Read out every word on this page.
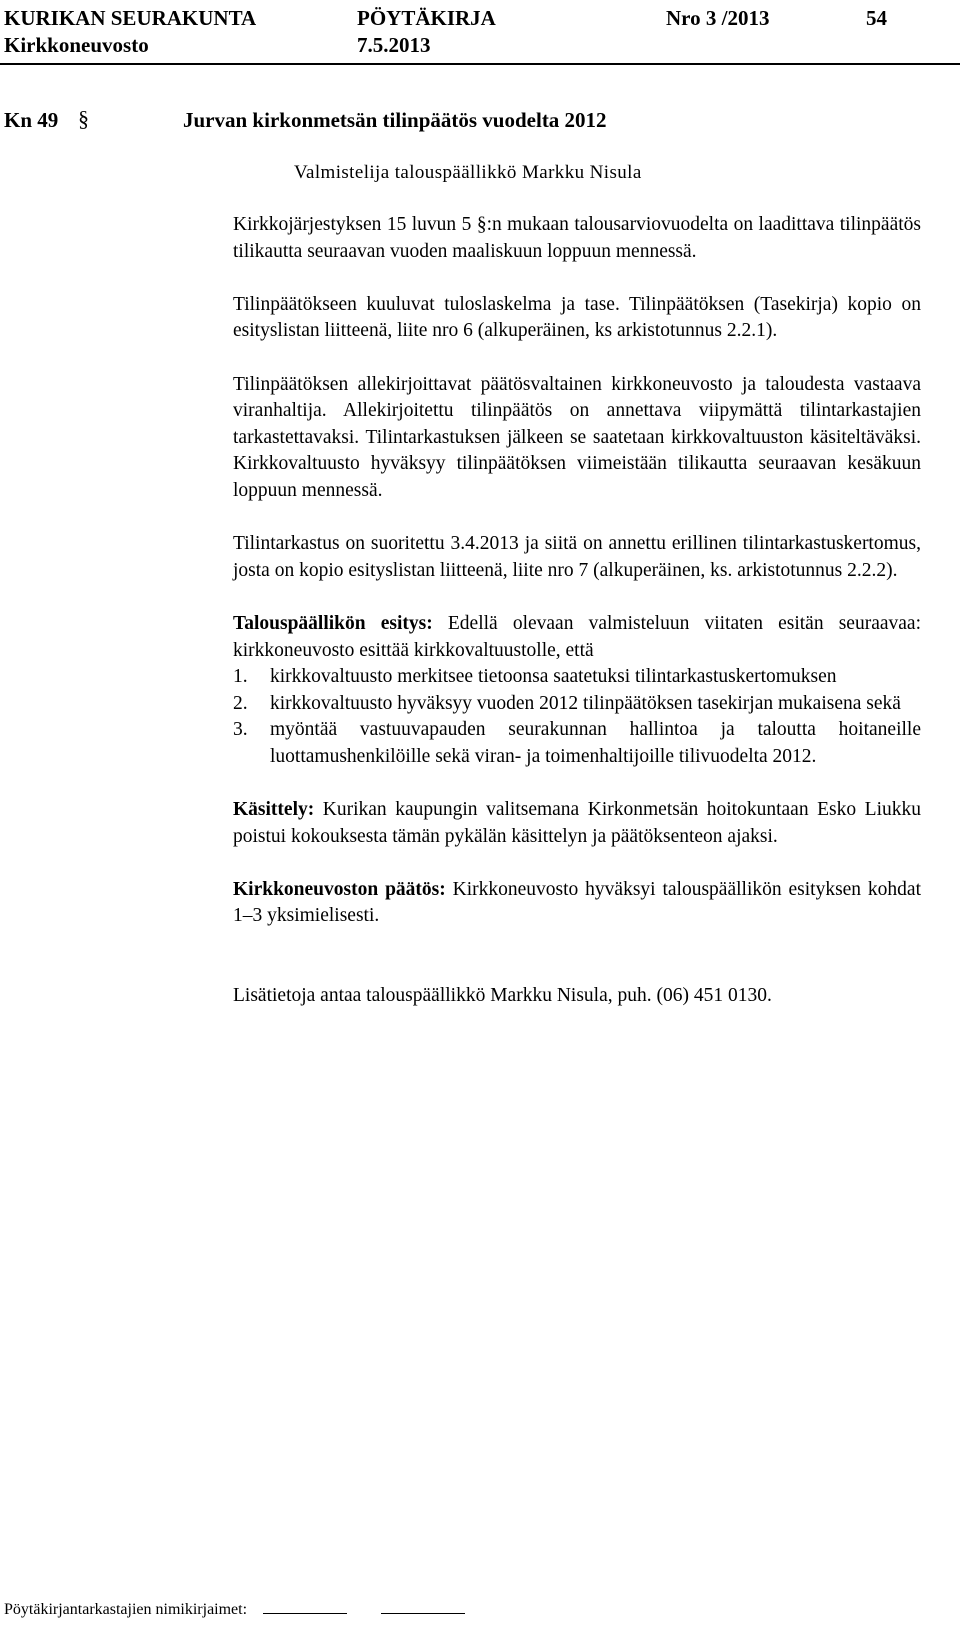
KURIKAN SEURAKUNTA	PÖYTÄKIRJA	Nro 3 /2013	54
Kirkkoneuvosto	7.5.2013
Kn 49 §	Jurvan kirkonmetsän tilinpäätös vuodelta 2012
Valmistelija talouspäällikkö Markku Nisula

Kirkkojärjestyksen 15 luvun 5 §:n mukaan talousarviovuodelta on laadittava tilinpäätös tilikautta seuraavan vuoden maaliskuun loppuun mennessä.

Tilinpäätökseen kuuluvat tuloslaskelma ja tase. Tilinpäätöksen (Tasekirja) kopio on esityslistan liitteenä, liite nro 6 (alkuperäinen, ks arkistotunnus 2.2.1).

Tilinpäätöksen allekirjoittavat päätösvaltainen kirkkoneuvosto ja taloudesta vastaava viranhaltija. Allekirjoitettu tilinpäätös on annettava viipymättä tilintarkastajien tarkastettavaksi. Tilintarkastuksen jälkeen se saatetaan kirkkovaltuuston käsiteltäväksi. Kirkkovaltuusto hyväksyy tilinpäätöksen viimeistään tilikautta seuraavan kesäkuun loppuun mennessä.

Tilintarkastus on suoritettu 3.4.2013 ja siitä on annettu erillinen tilintarkastuskertomus, josta on kopio esityslistan liitteenä, liite nro 7 (alkuperäinen, ks. arkistotunnus 2.2.2).

Talouspäällikön esitys: Edellä olevaan valmisteluun viitaten esitän seuraavaa: kirkkoneuvosto esittää kirkkovaltuustolle, että
1.	kirkkovaltuusto merkitsee tietoonsa saatetuksi tilintarkastuskertomuksen
2.	kirkkovaltuusto hyväksyy vuoden 2012 tilinpäätöksen tasekirjan mukaisena sekä
3.	myöntää vastuuvapauden seurakunnan hallintoa ja taloutta hoitaneille luottamushenkilöille sekä viran- ja toimenhaltijoille tilivuodelta 2012.

Käsittely: Kurikan kaupungin valitsemana Kirkonmetsän hoitokuntaan Esko Liukku poistui kokouksesta tämän pykälän käsittelyn ja päätöksenteon ajaksi.

Kirkkoneuvoston päätös: Kirkkoneuvosto hyväksyi talouspäällikön esityksen kohdat 1–3 yksimielisesti.

Lisätietoja antaa talouspäällikkö Markku Nisula, puh. (06) 451 0130.

Pöytäkirjantarkastajien nimikirjaimet:
